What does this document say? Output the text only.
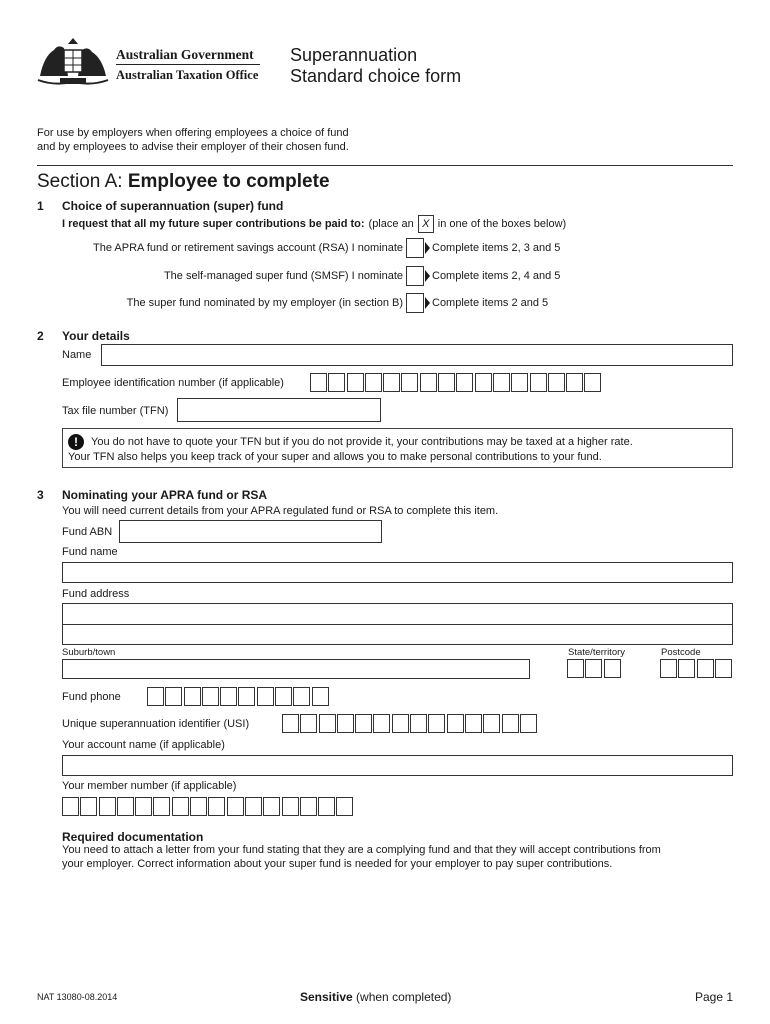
Australian Government
Australian Taxation Office
Superannuation
Standard choice form
For use by employers when offering employees a choice of fund
and by employees to advise their employer of their chosen fund.
Section A: Employee to complete
1 Choice of superannuation (super) fund
I request that all my future super contributions be paid to: (place an X in one of the boxes below)
The APRA fund or retirement savings account (RSA) I nominate	Complete items 2, 3 and 5
The self-managed super fund (SMSF) I nominate	Complete items 2, 4 and 5
The super fund nominated by my employer (in section B)	Complete items 2 and 5
2 Your details
Name
Employee identification number (if applicable)
Tax file number (TFN)
!	You do not have to quote your TFN but if you do not provide it, your contributions may be taxed at a higher rate.
Your TFN also helps you keep track of your super and allows you to make personal contributions to your fund.
3 Nominating your APRA fund or RSA
You will need current details from your APRA regulated fund or RSA to complete this item.
Fund ABN
Fund name
Fund address
Suburb/town	State/territory	Postcode
Fund phone
Unique superannuation identifier (USI)
Your account name (if applicable)
Your member number (if applicable)
Required documentation
You need to attach a letter from your fund stating that they are a complying fund and that they will accept contributions from
your employer. Correct information about your super fund is needed for your employer to pay super contributions.
NAT 13080-08.2014	Sensitive (when completed)	Page 1
